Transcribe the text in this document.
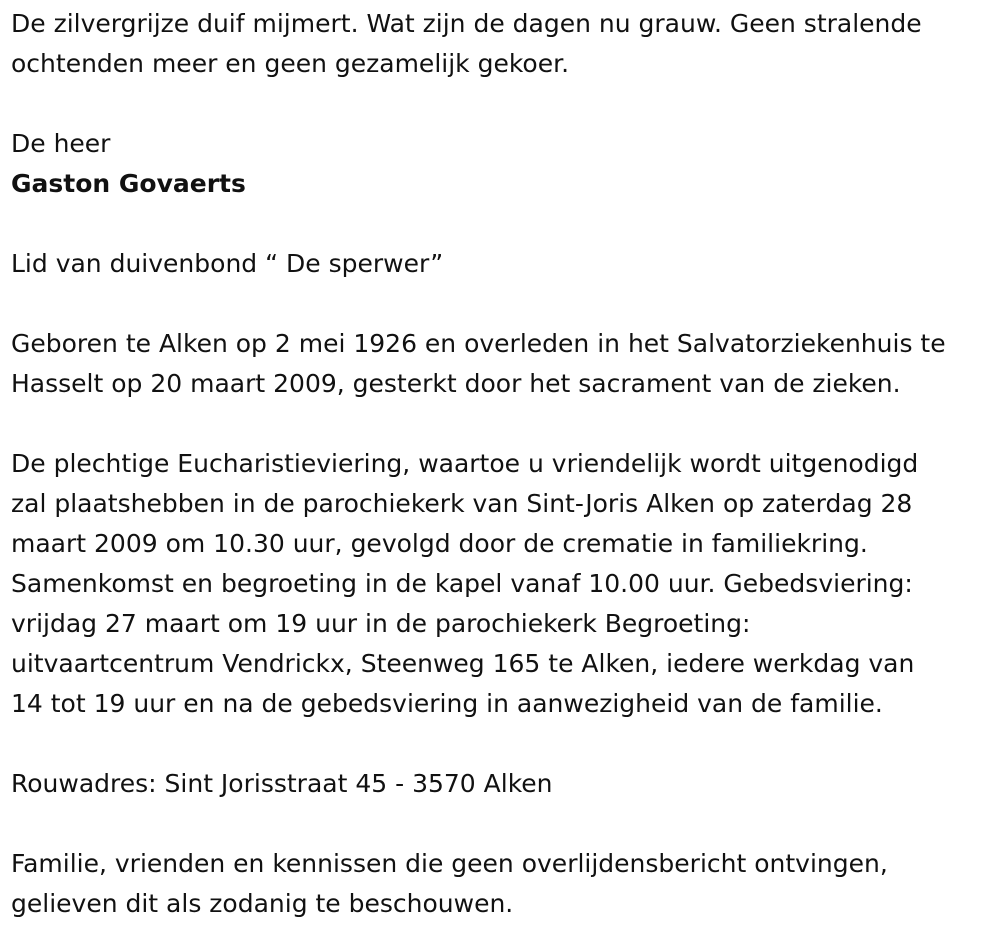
De zilvergrijze duif mijmert. Wat zijn de dagen nu grauw. Geen stralende
ochtenden meer en geen gezamelijk gekoer.
De heer
Gaston Govaerts
Lid van duivenbond “ De sperwer”
Geboren te Alken op 2 mei 1926 en overleden in het Salvatorziekenhuis te
Hasselt op 20 maart 2009, gesterkt door het sacrament van de zieken.
De plechtige Eucharistieviering, waartoe u vriendelijk wordt uitgenodigd
zal plaatshebben in de parochiekerk van Sint-Joris Alken op zaterdag 28
maart 2009 om 10.30 uur, gevolgd door de crematie in familiekring.
Samenkomst en begroeting in de kapel vanaf 10.00 uur. Gebedsviering:
vrijdag 27 maart om 19 uur in de parochiekerk Begroeting:
uitvaartcentrum Vendrickx, Steenweg 165 te Alken, iedere werkdag van
14 tot 19 uur en na de gebedsviering in aanwezigheid van de familie.
Rouwadres: Sint Jorisstraat 45 - 3570 Alken
Familie, vrienden en kennissen die geen overlijdensbericht ontvingen,
gelieven dit als zodanig te beschouwen.
